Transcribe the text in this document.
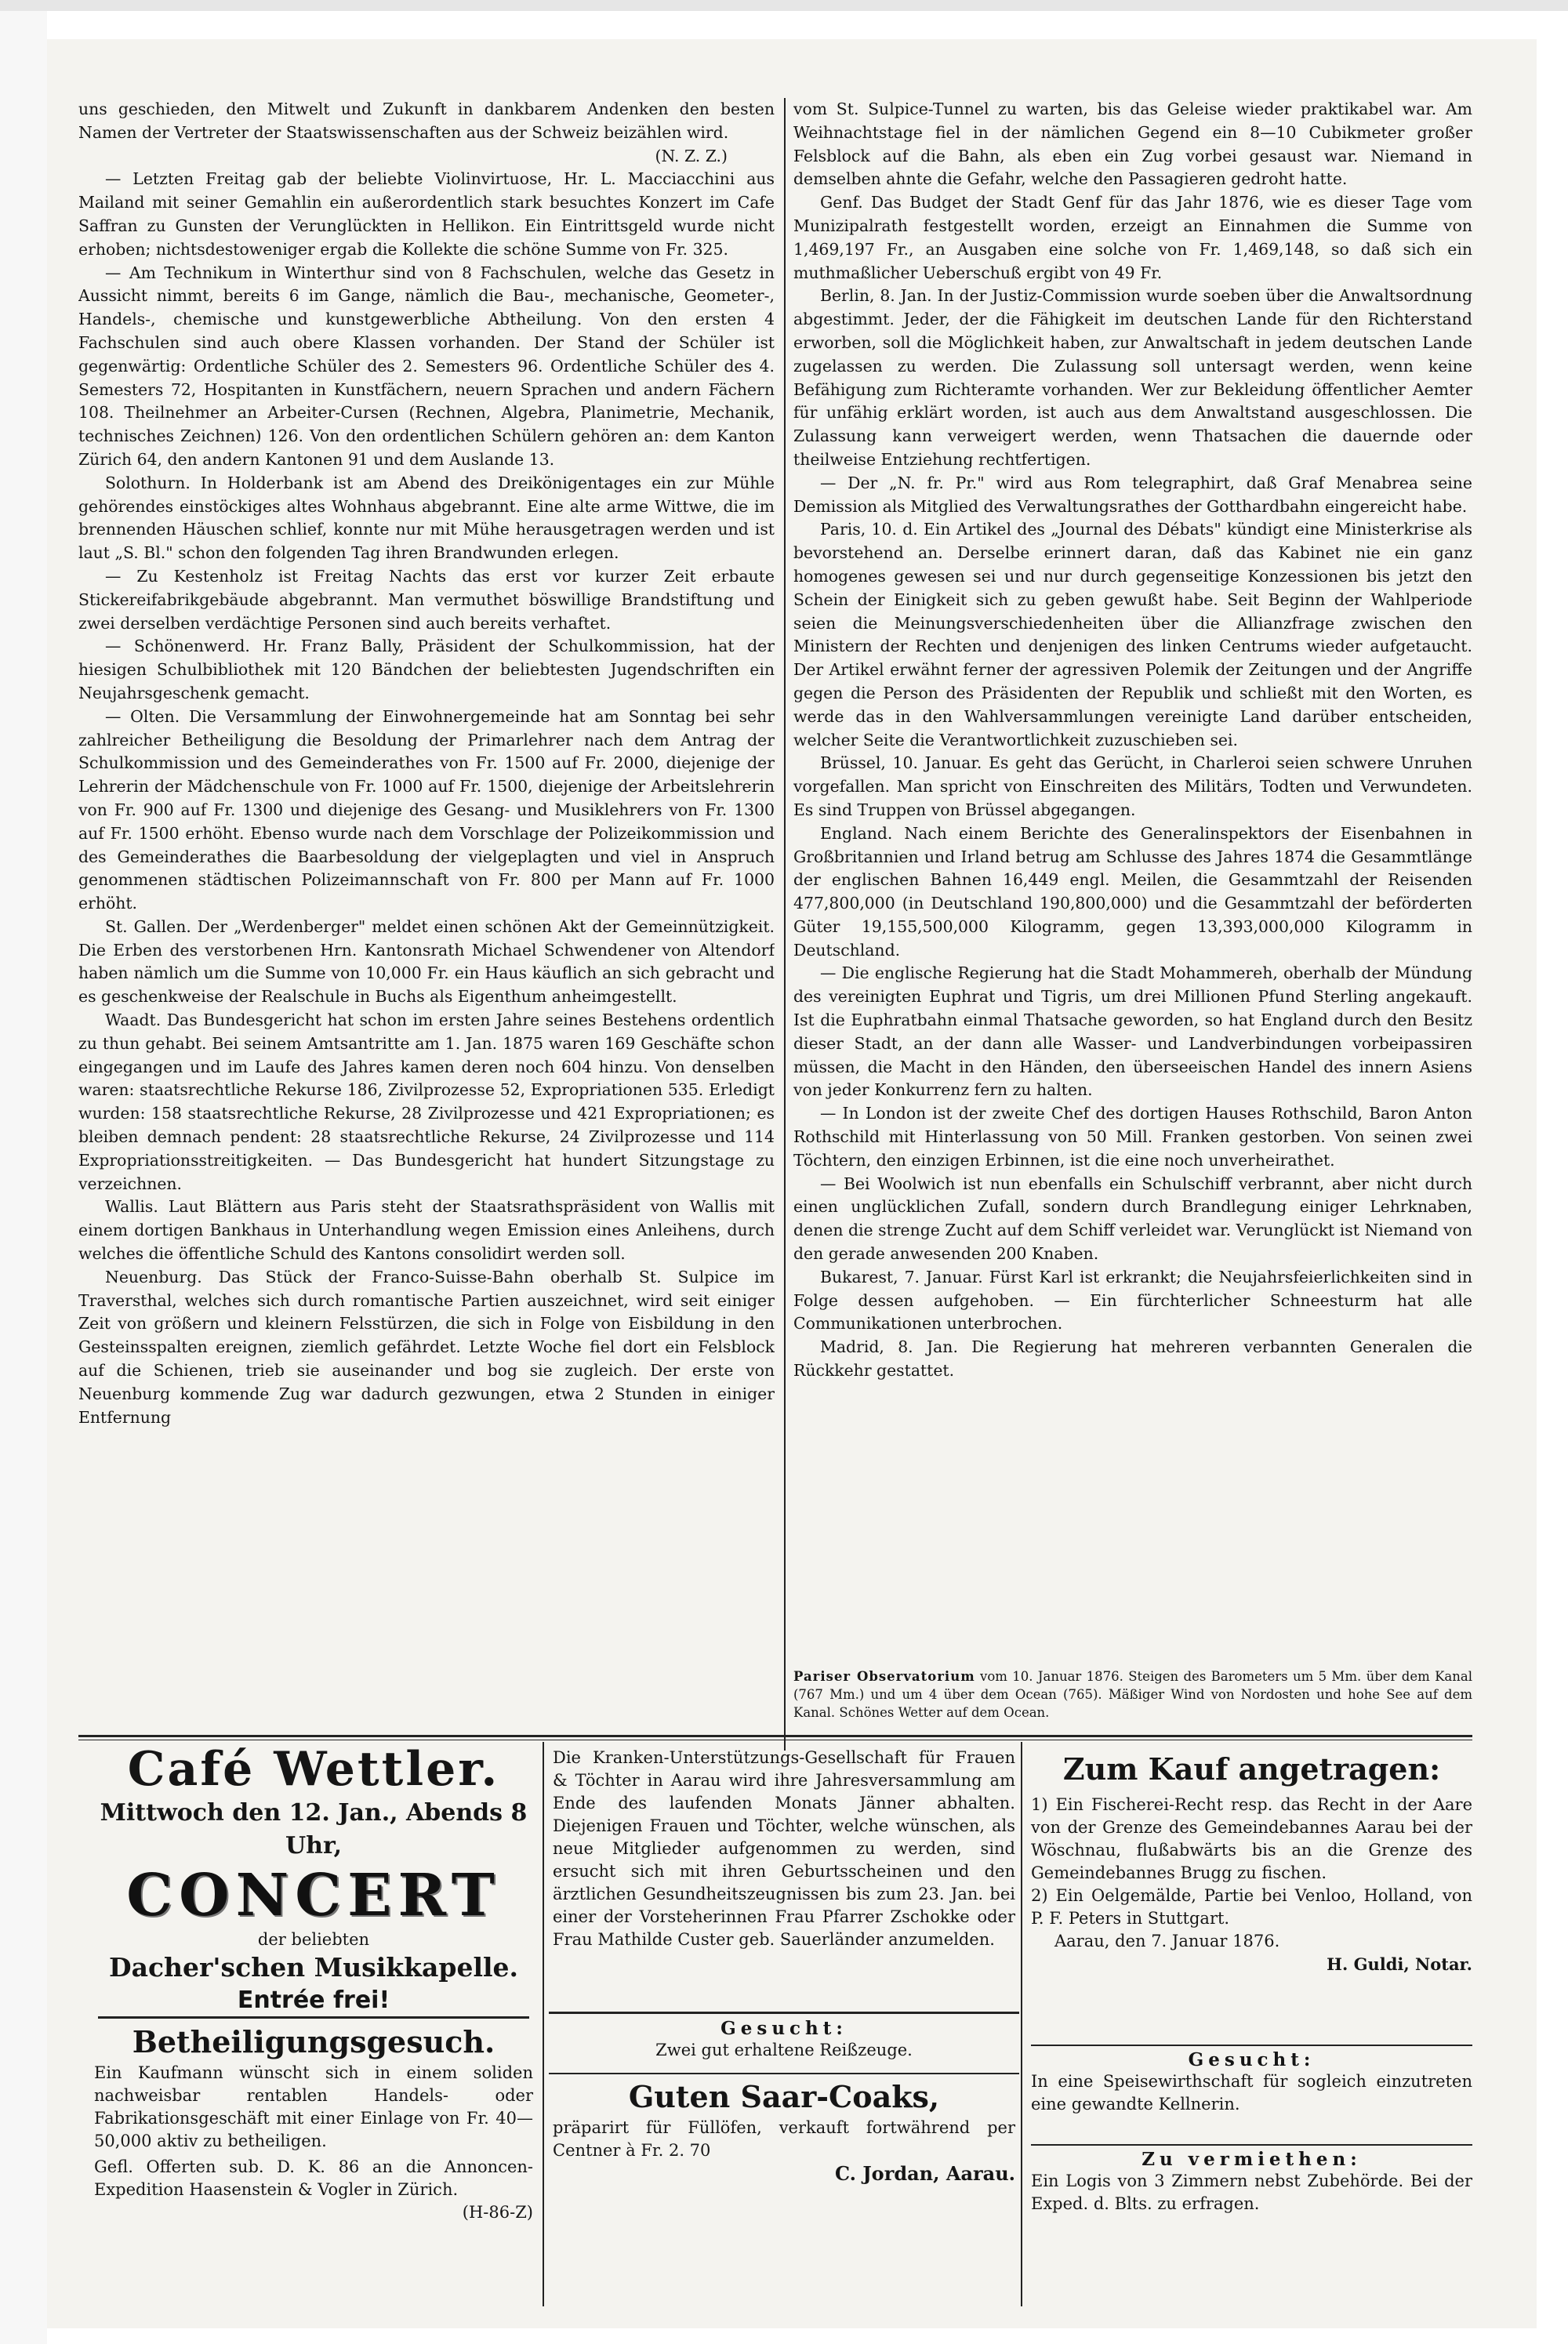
uns geschieden, den Mitwelt und Zukunft in dankbarem Andenken den besten Namen der Vertreter der Staatswissenschaften aus der Schweiz beizählen wird.

(N. Z. Z.)

— Letzten Freitag gab der beliebte Violinvirtuose, Hr. L. Macciacchini aus Mailand mit seiner Gemahlin ein außerordentlich stark besuchtes Konzert im Cafe Saffran zu Gunsten der Verunglückten in Hellikon. Ein Eintrittsgeld wurde nicht erhoben; nichtsdestoweniger ergab die Kollekte die schöne Summe von Fr. 325.

— Am Technikum in Winterthur sind von 8 Fachschulen, welche das Gesetz in Aussicht nimmt, bereits 6 im Gange, nämlich die Bau-, mechanische, Geometer-, Handels-, chemische und kunstgewerbliche Abtheilung. Von den ersten 4 Fachschulen sind auch obere Klassen vorhanden. Der Stand der Schüler ist gegenwärtig: Ordentliche Schüler des 2. Semesters 96. Ordentliche Schüler des 4. Semesters 72, Hospitanten in Kunstfächern, neuern Sprachen und andern Fächern 108. Theilnehmer an Arbeiter-Cursen (Rechnen, Algebra, Planimetrie, Mechanik, technisches Zeichnen) 126. Von den ordentlichen Schülern gehören an: dem Kanton Zürich 64, den andern Kantonen 91 und dem Auslande 13.

Solothurn. In Holderbank ist am Abend des Dreikönigentages ein zur Mühle gehörendes einstöckiges altes Wohnhaus abgebrannt. Eine alte arme Wittwe, die im brennenden Häuschen schlief, konnte nur mit Mühe herausgetragen werden und ist laut „S. Bl." schon den folgenden Tag ihren Brandwunden erlegen.

— Zu Kestenholz ist Freitag Nachts das erst vor kurzer Zeit erbaute Stickereifabrikgebäude abgebrannt. Man vermuthet böswillige Brandstiftung und zwei derselben verdächtige Personen sind auch bereits verhaftet.

— Schönenwerd. Hr. Franz Bally, Präsident der Schulkommission, hat der hiesigen Schulbibliothek mit 120 Bändchen der beliebtesten Jugendschriften ein Neujahrsgeschenk gemacht.

— Olten. Die Versammlung der Einwohnergemeinde hat am Sonntag bei sehr zahlreicher Betheiligung die Besoldung der Primarlehrer nach dem Antrag der Schulkommission und des Gemeinderathes von Fr. 1500 auf Fr. 2000, diejenige der Lehrerin der Mädchenschule von Fr. 1000 auf Fr. 1500, diejenige der Arbeitslehrerin von Fr. 900 auf Fr. 1300 und diejenige des Gesang- und Musiklehrers von Fr. 1300 auf Fr. 1500 erhöht. Ebenso wurde nach dem Vorschlage der Polizeikommission und des Gemeinderathes die Baarbesoldung der vielgeplagten und viel in Anspruch genommenen städtischen Polizeimannschaft von Fr. 800 per Mann auf Fr. 1000 erhöht.

St. Gallen. Der „Werdenberger" meldet einen schönen Akt der Gemeinnützigkeit. Die Erben des verstorbenen Hrn. Kantonsrath Michael Schwendener von Altendorf haben nämlich um die Summe von 10,000 Fr. ein Haus käuflich an sich gebracht und es geschenkweise der Realschule in Buchs als Eigenthum anheimgestellt.

Waadt. Das Bundesgericht hat schon im ersten Jahre seines Bestehens ordentlich zu thun gehabt. Bei seinem Amtsantritte am 1. Jan. 1875 waren 169 Geschäfte schon eingegangen und im Laufe des Jahres kamen deren noch 604 hinzu. Von denselben waren: staatsrechtliche Rekurse 186, Zivilprozesse 52, Expropriationen 535. Erledigt wurden: 158 staatsrechtliche Rekurse, 28 Zivilprozesse und 421 Expropriationen; es bleiben demnach pendent: 28 staatsrechtliche Rekurse, 24 Zivilprozesse und 114 Expropriationsstreitigkeiten. — Das Bundesgericht hat hundert Sitzungstage zu verzeichnen.

Wallis. Laut Blättern aus Paris steht der Staatsrathspräsident von Wallis mit einem dortigen Bankhaus in Unterhandlung wegen Emission eines Anleihens, durch welches die öffentliche Schuld des Kantons consolidirt werden soll.

Neuenburg. Das Stück der Franco-Suisse-Bahn oberhalb St. Sulpice im Traversthal, welches sich durch romantische Partien auszeichnet, wird seit einiger Zeit von größern und kleinern Felsstürzen, die sich in Folge von Eisbildung in den Gesteinsspalten ereignen, ziemlich gefährdet. Letzte Woche fiel dort ein Felsblock auf die Schienen, trieb sie auseinander und bog sie zugleich. Der erste von Neuenburg kommende Zug war dadurch gezwungen, etwa 2 Stunden in einiger Entfernung

vom St. Sulpice-Tunnel zu warten, bis das Geleise wieder praktikabel war. Am Weihnachtstage fiel in der nämlichen Gegend ein 8—10 Cubikmeter großer Felsblock auf die Bahn, als eben ein Zug vorbei gesaust war. Niemand in demselben ahnte die Gefahr, welche den Passagieren gedroht hatte.

Genf. Das Budget der Stadt Genf für das Jahr 1876, wie es dieser Tage vom Munizipalrath festgestellt worden, erzeigt an Einnahmen die Summe von 1,469,197 Fr., an Ausgaben eine solche von Fr. 1,469,148, so daß sich ein muthmaßlicher Ueberschuß ergibt von 49 Fr.

Berlin, 8. Jan. In der Justiz-Commission wurde soeben über die Anwaltsordnung abgestimmt. Jeder, der die Fähigkeit im deutschen Lande für den Richterstand erworben, soll die Möglichkeit haben, zur Anwaltschaft in jedem deutschen Lande zugelassen zu werden. Die Zulassung soll untersagt werden, wenn keine Befähigung zum Richteramte vorhanden. Wer zur Bekleidung öffentlicher Aemter für unfähig erklärt worden, ist auch aus dem Anwaltstand ausgeschlossen. Die Zulassung kann verweigert werden, wenn Thatsachen die dauernde oder theilweise Entziehung rechtfertigen.

— Der „N. fr. Pr." wird aus Rom telegraphirt, daß Graf Menabrea seine Demission als Mitglied des Verwaltungsrathes der Gotthardbahn eingereicht habe.

Paris, 10. d. Ein Artikel des „Journal des Débats" kündigt eine Ministerkrise als bevorstehend an. Derselbe erinnert daran, daß das Kabinet nie ein ganz homogenes gewesen sei und nur durch gegenseitige Konzessionen bis jetzt den Schein der Einigkeit sich zu geben gewußt habe. Seit Beginn der Wahlperiode seien die Meinungsverschiedenheiten über die Allianzfrage zwischen den Ministern der Rechten und denjenigen des linken Centrums wieder aufgetaucht. Der Artikel erwähnt ferner der agressiven Polemik der Zeitungen und der Angriffe gegen die Person des Präsidenten der Republik und schließt mit den Worten, es werde das in den Wahlversammlungen vereinigte Land darüber entscheiden, welcher Seite die Verantwortlichkeit zuzuschieben sei.

Brüssel, 10. Januar. Es geht das Gerücht, in Charleroi seien schwere Unruhen vorgefallen. Man spricht von Einschreiten des Militärs, Todten und Verwundeten. Es sind Truppen von Brüssel abgegangen.

England. Nach einem Berichte des Generalinspektors der Eisenbahnen in Großbritannien und Irland betrug am Schlusse des Jahres 1874 die Gesammtlänge der englischen Bahnen 16,449 engl. Meilen, die Gesammtzahl der Reisenden 477,800,000 (in Deutschland 190,800,000) und die Gesammtzahl der beförderten Güter 19,155,500,000 Kilogramm, gegen 13,393,000,000 Kilogramm in Deutschland.

— Die englische Regierung hat die Stadt Mohammereh, oberhalb der Mündung des vereinigten Euphrat und Tigris, um drei Millionen Pfund Sterling angekauft. Ist die Euphratbahn einmal Thatsache geworden, so hat England durch den Besitz dieser Stadt, an der dann alle Wasser- und Landverbindungen vorbeipassiren müssen, die Macht in den Händen, den überseeischen Handel des innern Asiens von jeder Konkurrenz fern zu halten.

— In London ist der zweite Chef des dortigen Hauses Rothschild, Baron Anton Rothschild mit Hinterlassung von 50 Mill. Franken gestorben. Von seinen zwei Töchtern, den einzigen Erbinnen, ist die eine noch unverheirathet.

— Bei Woolwich ist nun ebenfalls ein Schulschiff verbrannt, aber nicht durch einen unglücklichen Zufall, sondern durch Brandlegung einiger Lehrknaben, denen die strenge Zucht auf dem Schiff verleidet war. Verunglückt ist Niemand von den gerade anwesenden 200 Knaben.

Bukarest, 7. Januar. Fürst Karl ist erkrankt; die Neujahrsfeierlichkeiten sind in Folge dessen aufgehoben. — Ein fürchterlicher Schneesturm hat alle Communikationen unterbrochen.

Madrid, 8. Jan. Die Regierung hat mehreren verbannten Generalen die Rückkehr gestattet.

Pariser Observatorium vom 10. Januar 1876. Steigen des Barometers um 5 Mm. über dem Kanal (767 Mm.) und um 4 über dem Ocean (765). Mäßiger Wind von Nordosten und hohe See auf dem Kanal. Schönes Wetter auf dem Ocean.
Café Wettler.
Mittwoch den 12. Jan., Abends 8 Uhr,
CONCERT
der beliebten
Dacher'schen Musikkapelle.
Entrée frei!
Betheiligungsgesuch.
Ein Kaufmann wünscht sich in einem soliden nachweisbar rentablen Handels- oder Fabrikationsgeschäft mit einer Einlage von Fr. 40—50,000 aktiv zu betheiligen.
Gefl. Offerten sub. D. K. 86 an die Annoncen-Expedition Haasenstein & Vogler in Zürich.
(H-86-Z)
Die Kranken-Unterstützungs-Gesellschaft für Frauen & Töchter in Aarau wird ihre Jahresversammlung am Ende des laufenden Monats Jänner abhalten. Diejenigen Frauen und Töchter, welche wünschen, als neue Mitglieder aufgenommen zu werden, sind ersucht sich mit ihren Geburtsscheinen und den ärztlichen Gesundheitszeugnissen bis zum 23. Jan. bei einer der Vorsteherinnen Frau Pfarrer Zschokke oder Frau Mathilde Custer geb. Sauerländer anzumelden.
Gesucht:
Zwei gut erhaltene Reißzeuge.
Guten Saar-Coaks,
präparirt für Füllöfen, verkauft fortwährend per Centner à Fr. 2. 70
C. Jordan, Aarau.
Zum Kauf angetragen:
1) Ein Fischerei-Recht resp. das Recht in der Aare von der Grenze des Gemeindebannes Aarau bei der Wöschnau, flußabwärts bis an die Grenze des Gemeindebannes Brugg zu fischen.
2) Ein Oelgemälde, Partie bei Venloo, Holland, von P. F. Peters in Stuttgart.
Aarau, den 7. Januar 1876.
H. Guldi, Notar.
Gesucht:
In eine Speisewirthschaft für sogleich einzutreten eine gewandte Kellnerin.
Zu vermiethen:
Ein Logis von 3 Zimmern nebst Zubehörde. Bei der Exped. d. Blts. zu erfragen.
